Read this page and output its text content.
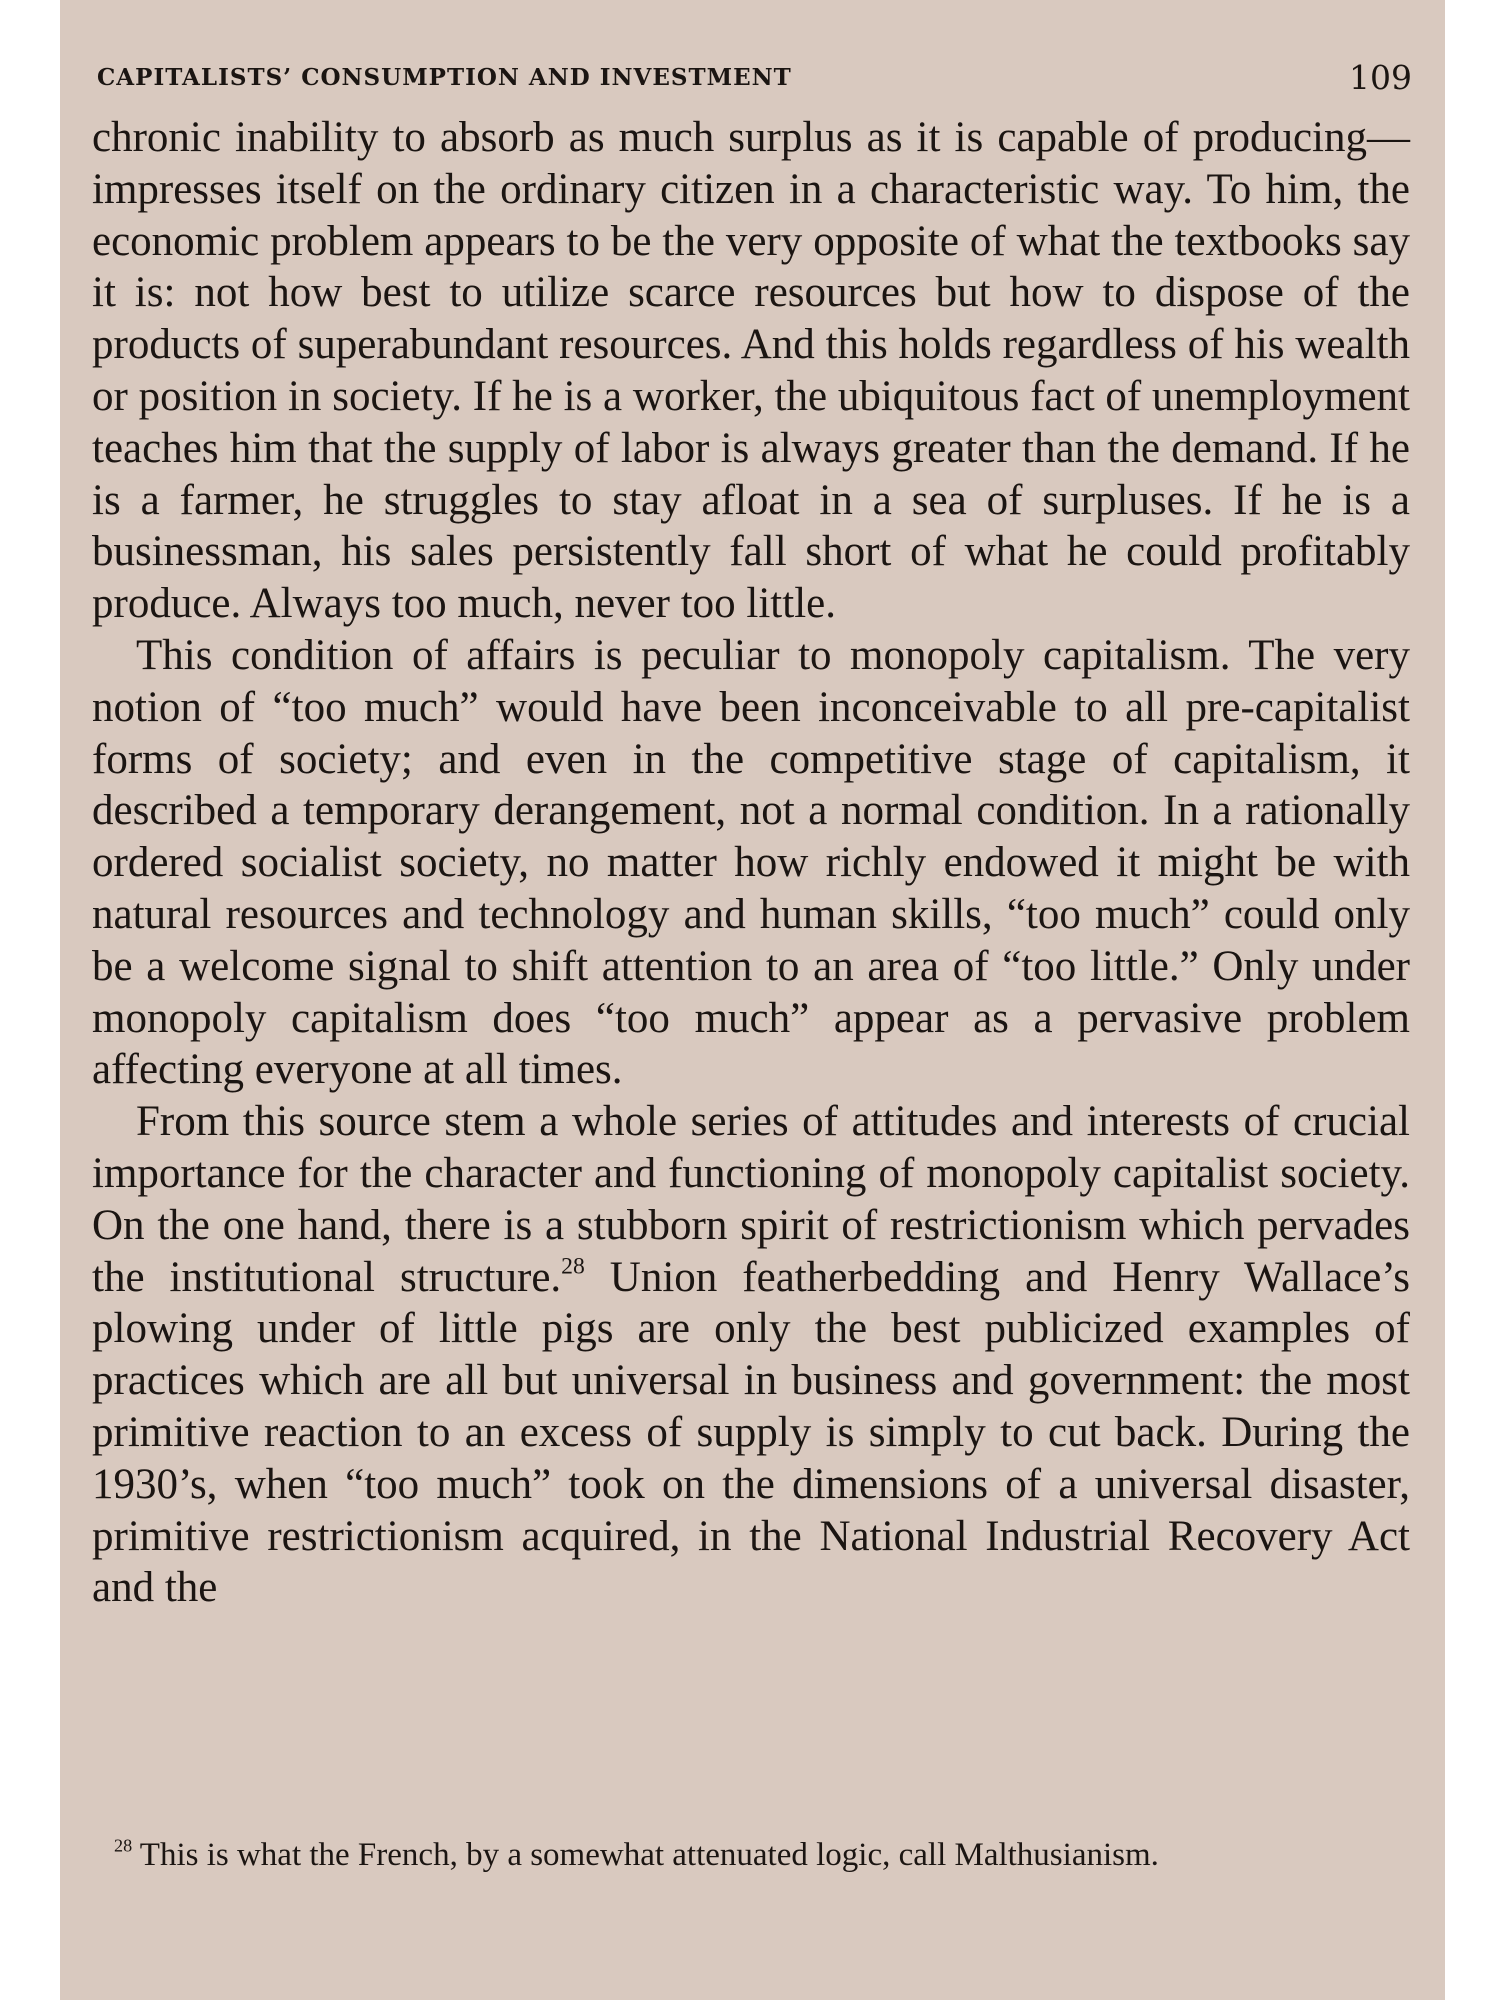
CAPITALISTS’ CONSUMPTION AND INVESTMENT	109

chronic inability to absorb as much surplus as it is capable of producing—impresses itself on the ordinary citizen in a characteristic way. To him, the economic problem appears to be the very opposite of what the textbooks say it is: not how best to utilize scarce resources but how to dispose of the products of superabundant resources. And this holds regardless of his wealth or position in society. If he is a worker, the ubiquitous fact of unemployment teaches him that the supply of labor is always greater than the demand. If he is a farmer, he struggles to stay afloat in a sea of surpluses. If he is a businessman, his sales persistently fall short of what he could profitably produce. Always too much, never too little.

This condition of affairs is peculiar to monopoly capitalism. The very notion of “too much” would have been inconceivable to all pre-capitalist forms of society; and even in the competitive stage of capitalism, it described a temporary derangement, not a normal condition. In a rationally ordered socialist society, no matter how richly endowed it might be with natural resources and technology and human skills, “too much” could only be a welcome signal to shift attention to an area of “too little.” Only under monopoly capitalism does “too much” appear as a pervasive problem affecting everyone at all times.

From this source stem a whole series of attitudes and interests of crucial importance for the character and functioning of monopoly capitalist society. On the one hand, there is a stubborn spirit of restrictionism which pervades the institutional structure.$^{28}$ Union featherbedding and Henry Wallace’s plowing under of little pigs are only the best publicized examples of practices which are all but universal in business and government: the most primitive reaction to an excess of supply is simply to cut back. During the 1930’s, when “too much” took on the dimensions of a universal disaster, primitive restrictionism acquired, in the National Industrial Recovery Act and the

$^{28}$ This is what the French, by a somewhat attenuated logic, call Malthusianism.
